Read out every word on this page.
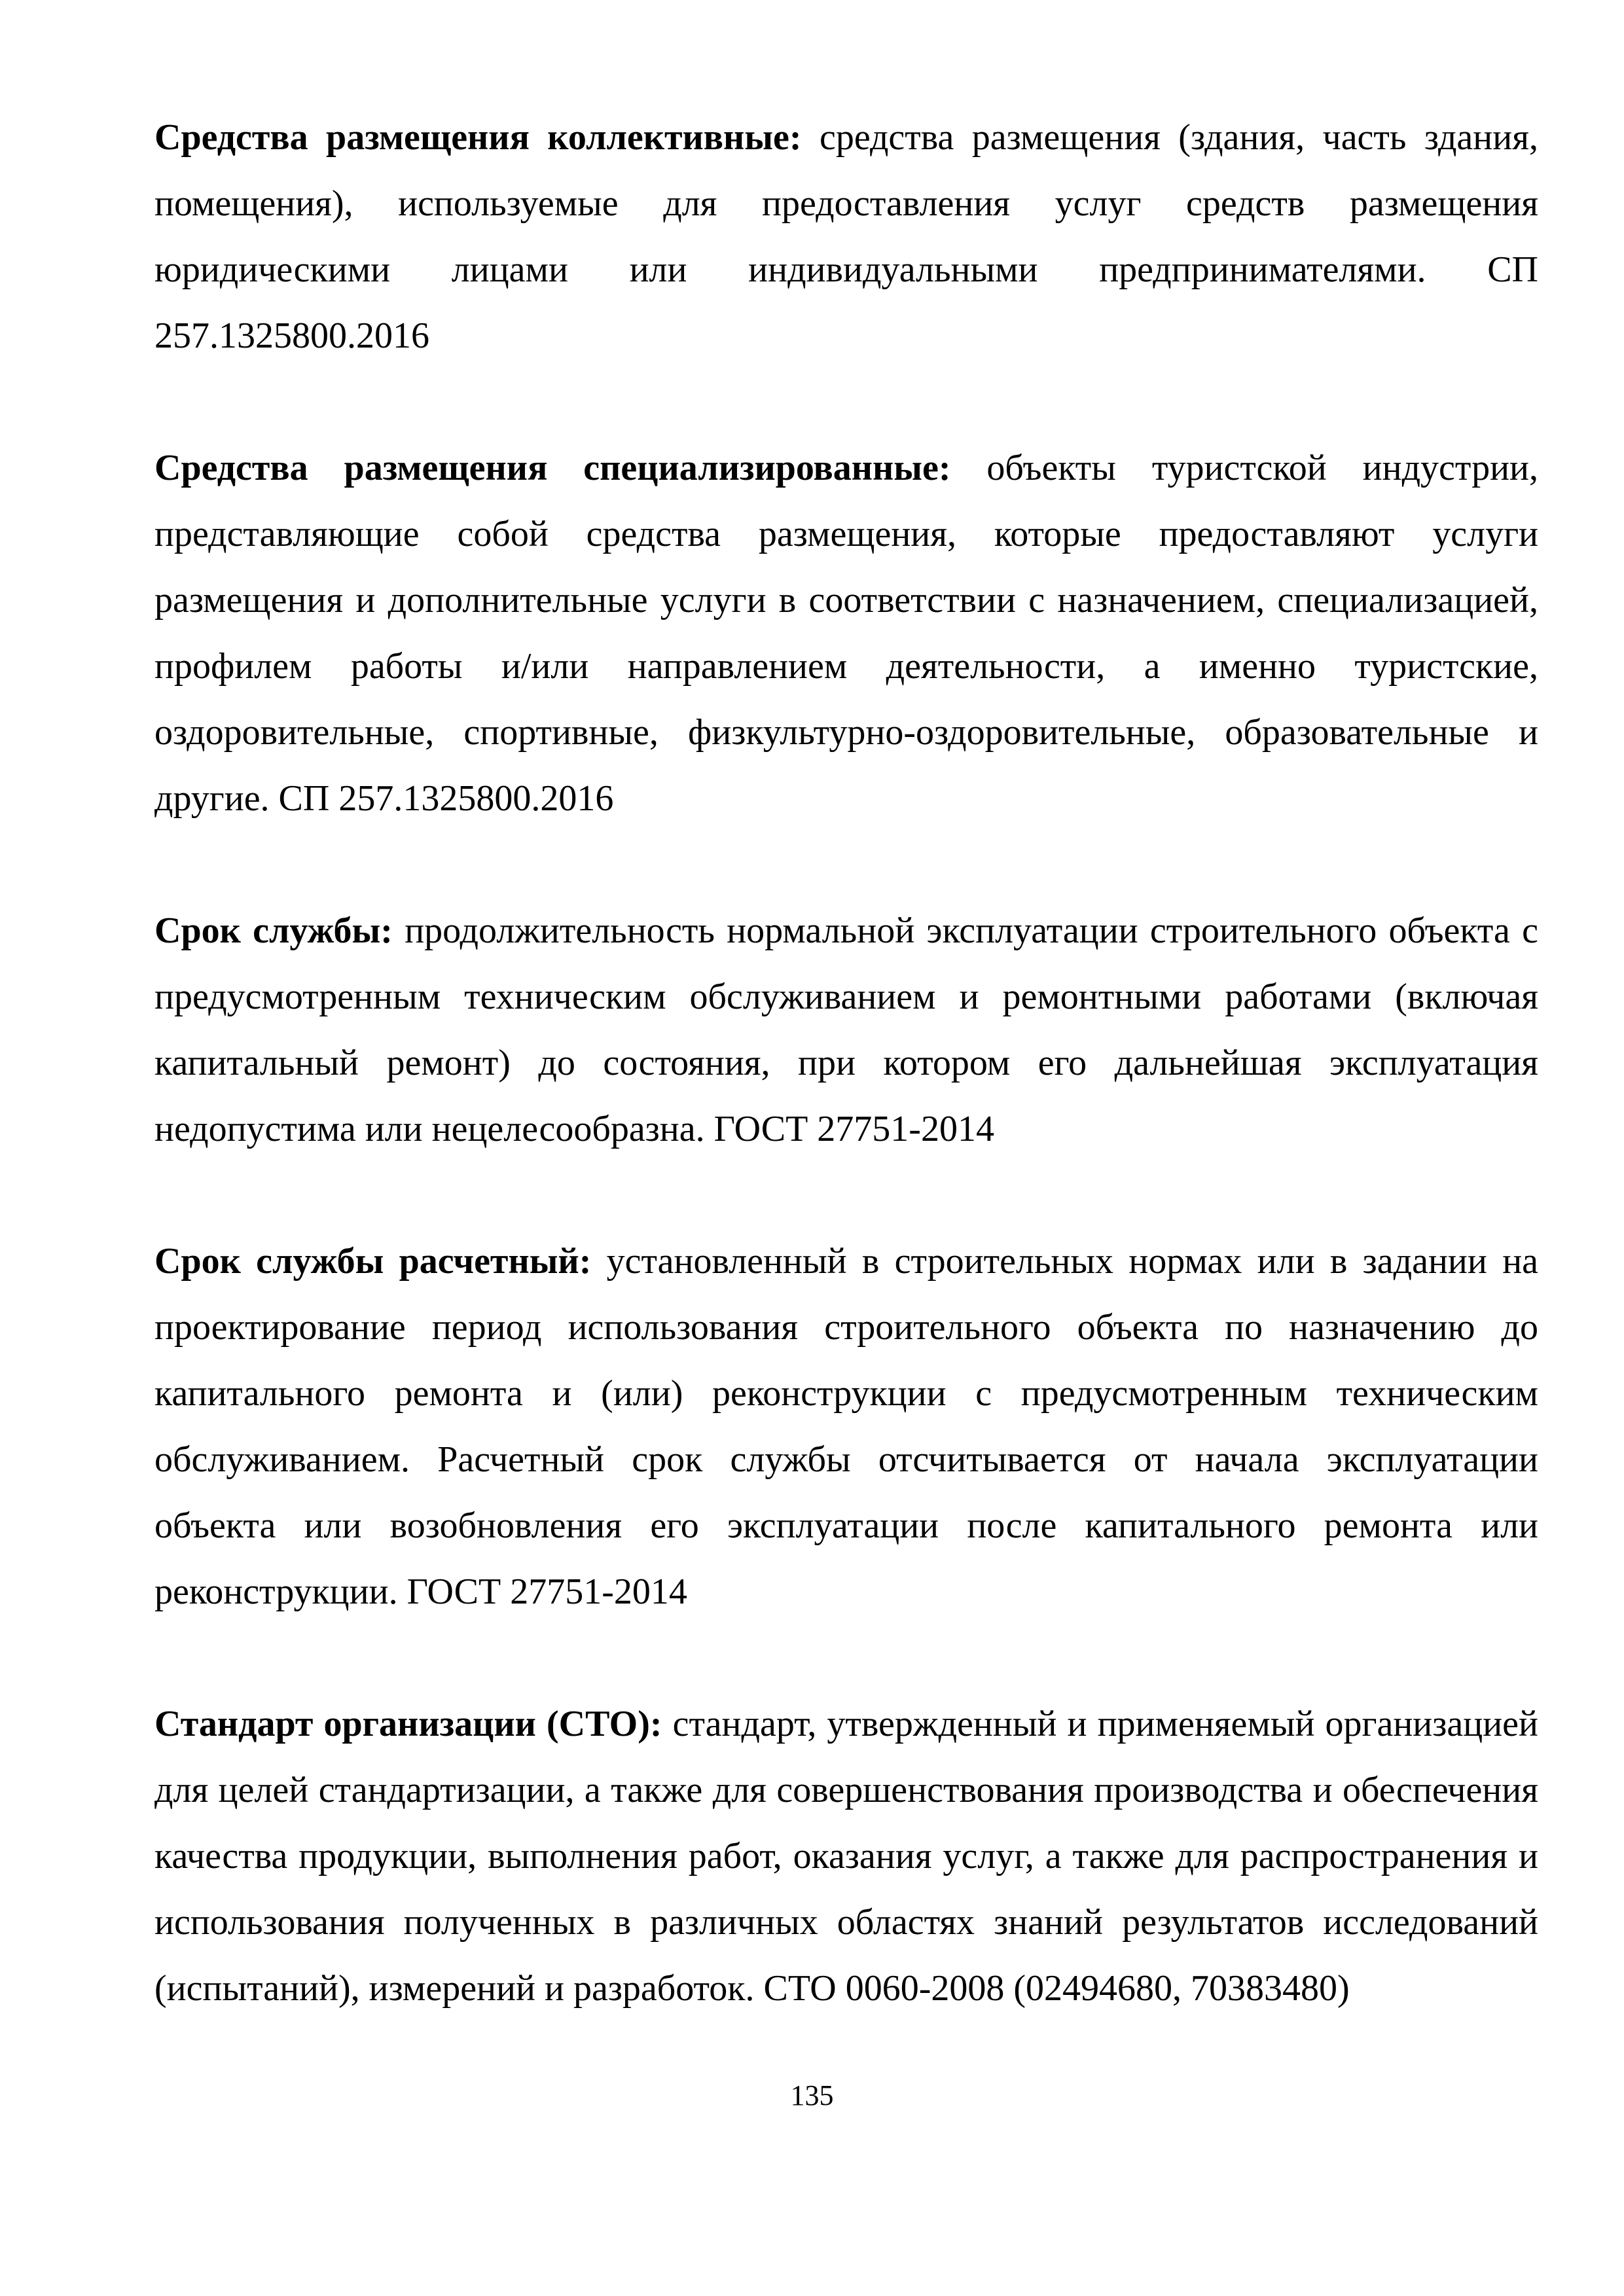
Средства размещения коллективные: средства размещения (здания, часть здания, помещения), используемые для предоставления услуг средств размещения юридическими лицами или индивидуальными предпринимателями. СП 257.1325800.2016

Средства размещения специализированные: объекты туристской индустрии, представляющие собой средства размещения, которые предоставляют услуги размещения и дополнительные услуги в соответствии с назначением, специализацией, профилем работы и/или направлением деятельности, а именно туристские, оздоровительные, спортивные, физкультурно-оздоровительные, образовательные и другие. СП 257.1325800.2016

Срок службы: продолжительность нормальной эксплуатации строительного объекта с предусмотренным техническим обслуживанием и ремонтными работами (включая капитальный ремонт) до состояния, при котором его дальнейшая эксплуатация недопустима или нецелесообразна. ГОСТ 27751-2014

Срок службы расчетный: установленный в строительных нормах или в задании на проектирование период использования строительного объекта по назначению до капитального ремонта и (или) реконструкции с предусмотренным техническим обслуживанием. Расчетный срок службы отсчитывается от начала эксплуатации объекта или возобновления его эксплуатации после капитального ремонта или реконструкции. ГОСТ 27751-2014

Стандарт организации (СТО): стандарт, утвержденный и применяемый организацией для целей стандартизации, а также для совершенствования производства и обеспечения качества продукции, выполнения работ, оказания услуг, а также для распространения и использования полученных в различных областях знаний результатов исследований (испытаний), измерений и разработок. СТО 0060-2008 (02494680, 70383480)

135
